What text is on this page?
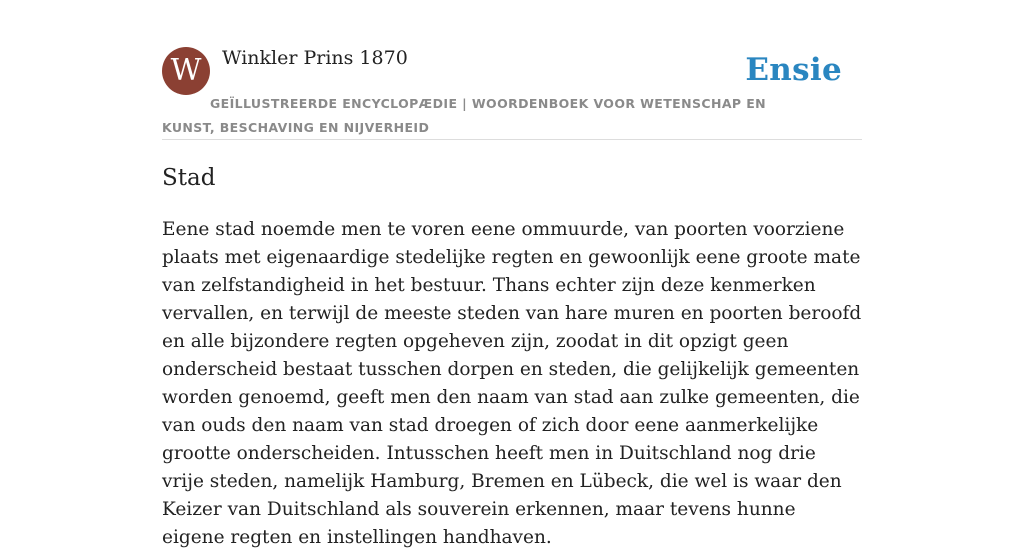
W	Winkler Prins 1870	Ensie
GEÏLLUSTREERDE ENCYCLOPÆDIE | WOORDENBOEK VOOR WETENSCHAP EN KUNST, BESCHAVING EN NIJVERHEID
Stad

Eene stad noemde men te voren eene ommuurde, van poorten voorziene plaats met eigenaardige stedelijke regten en gewoonlijk eene groote mate van zelfstandigheid in het bestuur. Thans echter zijn deze kenmerken vervallen, en terwijl de meeste steden van hare muren en poorten beroofd en alle bijzondere regten opgeheven zijn, zoodat in dit opzigt geen onderscheid bestaat tusschen dorpen en steden, die gelijkelijk gemeenten worden genoemd, geeft men den naam van stad aan zulke gemeenten, die van ouds den naam van stad droegen of zich door eene aanmerkelijke grootte onderscheiden. Intusschen heeft men in Duitschland nog drie vrije steden, namelijk Hamburg, Bremen en Lübeck, die wel is waar den Keizer van Duitschland als souverein erkennen, maar tevens hunne eigene regten en instellingen handhaven.
